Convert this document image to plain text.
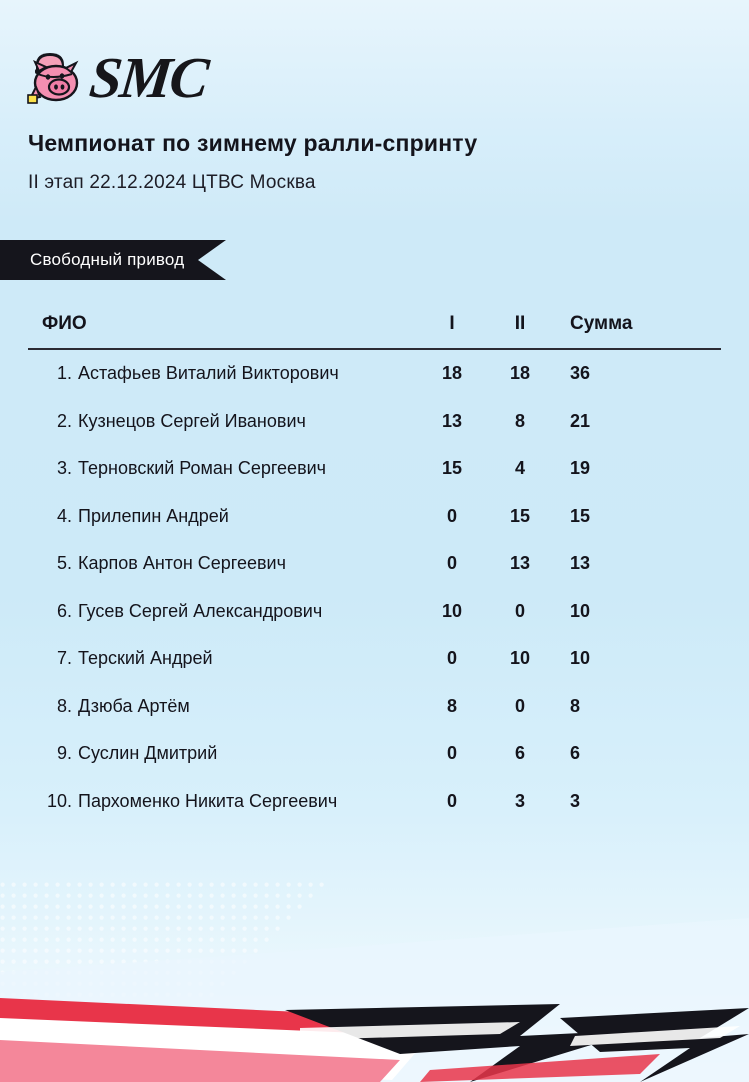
SMC
Чемпионат по зимнему ралли-спринту
II этап 22.12.2024 ЦТВС Москва
Свободный привод
ФИО	I	II	Сумма
1. Астафьев Виталий Викторович	18	18	36
2. Кузнецов Сергей Иванович	13	8	21
3. Терновский Роман Сергеевич	15	4	19
4. Прилепин Андрей	0	15	15
5. Карпов Антон Сергеевич	0	13	13
6. Гусев Сергей Александрович	10	0	10
7. Терский Андрей	0	10	10
8. Дзюба Артём	8	0	8
9. Суслин Дмитрий	0	6	6
10. Пархоменко Никита Сергеевич	0	3	3
